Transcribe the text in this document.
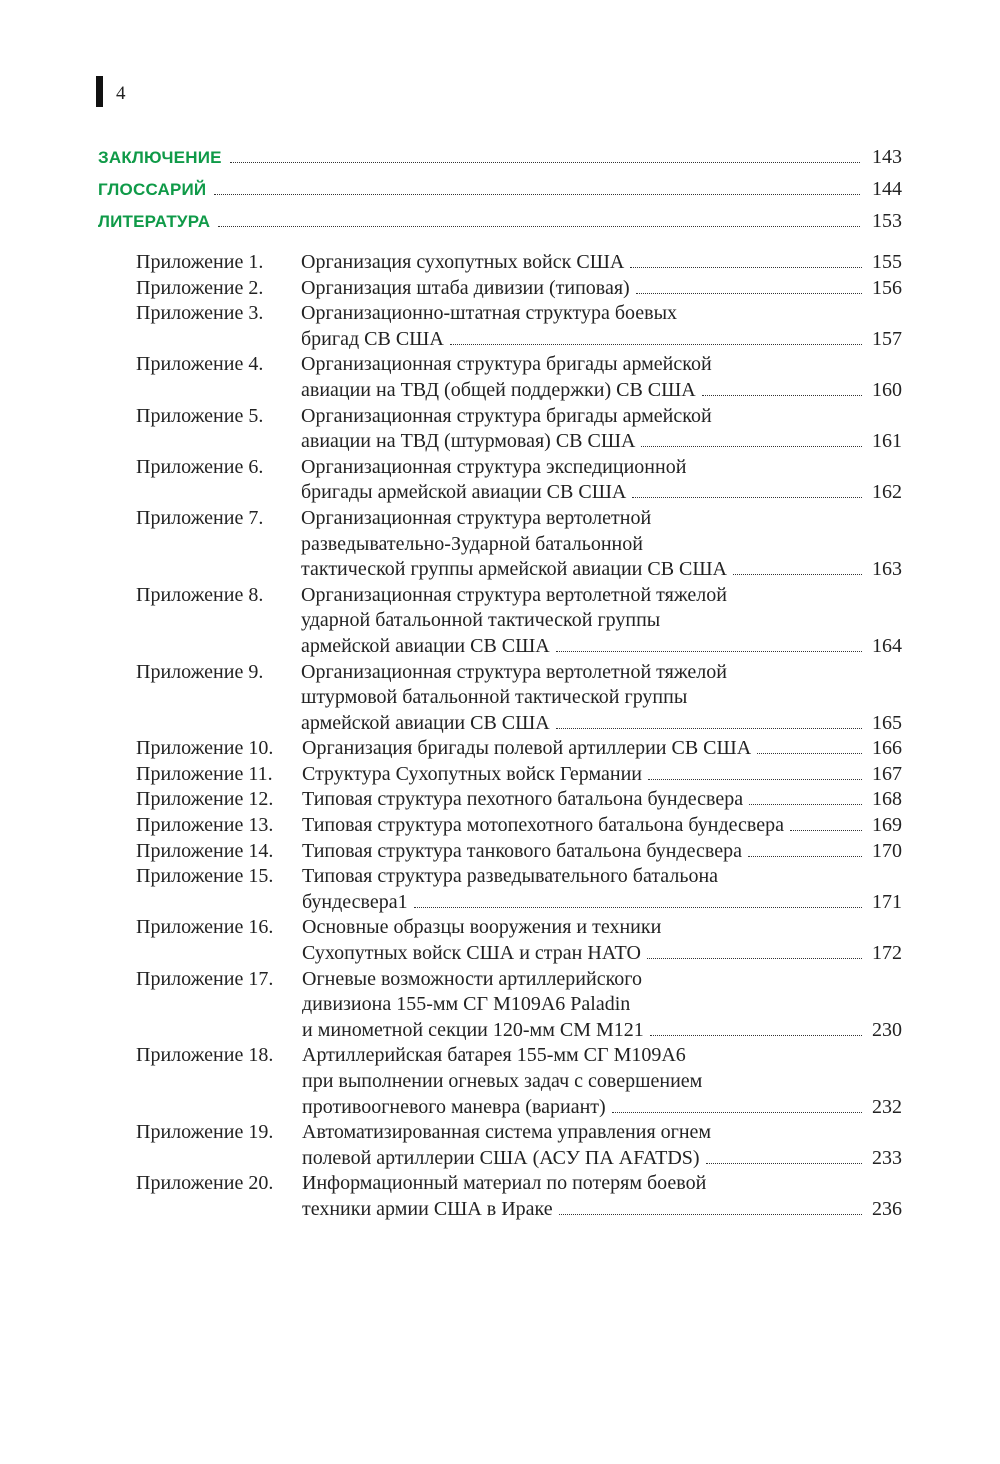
4
ЗАКЛЮЧЕНИЕ	143
ГЛОССАРИЙ	144
ЛИТЕРАТУРА	153
Приложение 1.	Организация сухопутных войск США	155
Приложение 2.	Организация штаба дивизии (типовая)	156
Приложение 3.	Организационно-штатная структура боевых
бригад СВ США	157
Приложение 4.	Организационная структура бригады армейской
авиации на ТВД (общей поддержки) СВ США	160
Приложение 5.	Организационная структура бригады армейской
авиации на ТВД (штурмовая) СВ США	161
Приложение 6.	Организационная структура экспедиционной
бригады армейской авиации СВ США	162
Приложение 7.	Организационная структура вертолетной
разведывательно-Зударной батальонной
тактической группы армейской авиации СВ США	163
Приложение 8.	Организационная структура вертолетной тяжелой
ударной батальонной тактической группы
армейской авиации СВ США	164
Приложение 9.	Организационная структура вертолетной тяжелой
штурмовой батальонной тактической группы
армейской авиации СВ США	165
Приложение 10.	Организация бригады полевой артиллерии СВ США	166
Приложение 11.	Структура Сухопутных войск Германии	167
Приложение 12.	Типовая структура пехотного батальона бундесвера	168
Приложение 13.	Типовая структура мотопехотного батальона бундесвера	169
Приложение 14.	Типовая структура танкового батальона бундесвера	170
Приложение 15.	Типовая структура разведывательного батальона
бундесвера1	171
Приложение 16.	Основные образцы вооружения и техники
Сухопутных войск США и стран НАТО	172
Приложение 17.	Огневые возможности артиллерийского
дивизиона 155-мм СГ M109A6 Paladin
и минометной секции 120-мм СМ M121	230
Приложение 18.	Артиллерийская батарея 155-мм СГ M109A6
при выполнении огневых задач с совершением
противоогневого маневра (вариант)	232
Приложение 19.	Автоматизированная система управления огнем
полевой артиллерии США (АСУ ПА AFATDS)	233
Приложение 20.	Информационный материал по потерям боевой
техники армии США в Ираке	236
